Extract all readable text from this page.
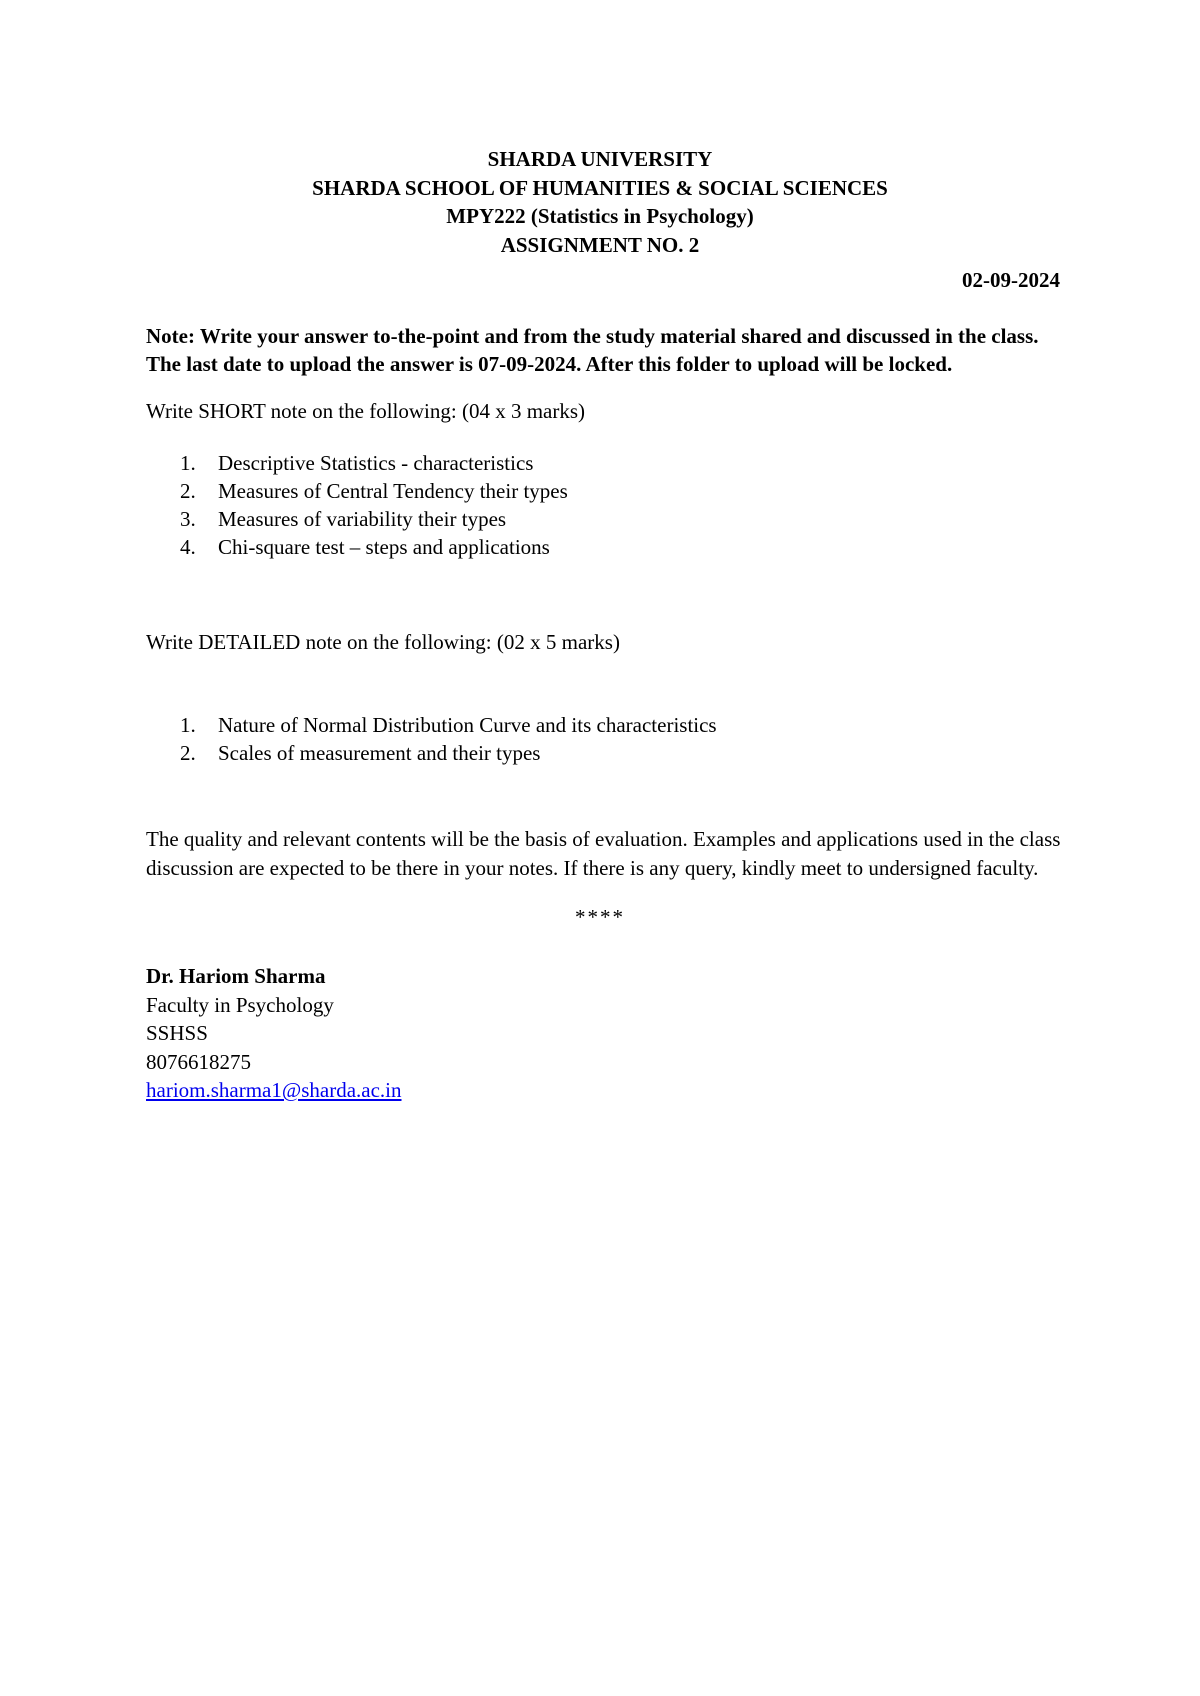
SHARDA UNIVERSITY
SHARDA SCHOOL OF HUMANITIES & SOCIAL SCIENCES
MPY222 (Statistics in Psychology)
ASSIGNMENT NO. 2
02-09-2024
Note: Write your answer to-the-point and from the study material shared and discussed in the class. The last date to upload the answer is 07-09-2024. After this folder to upload will be locked.
Write SHORT note on the following: (04 x 3 marks)
1. Descriptive Statistics - characteristics
2. Measures of Central Tendency their types
3. Measures of variability their types
4. Chi-square test – steps and applications
Write DETAILED note on the following: (02 x 5 marks)
1. Nature of Normal Distribution Curve and its characteristics
2. Scales of measurement and their types
The quality and relevant contents will be the basis of evaluation. Examples and applications used in the class discussion are expected to be there in your notes. If there is any query, kindly meet to undersigned faculty.
****
Dr. Hariom Sharma
Faculty in Psychology
SSHSS
8076618275
hariom.sharma1@sharda.ac.in
